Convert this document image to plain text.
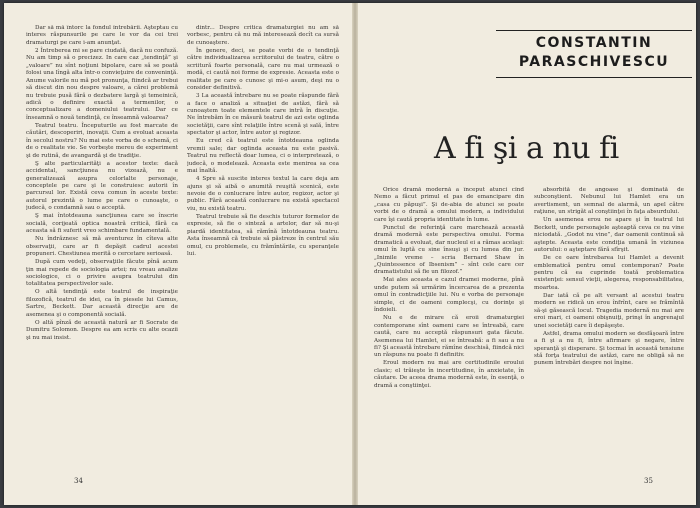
Dar să mă întorc la fondul întrebării. Aşteptau cu interes răspunsurile pe care le vor da cei trei dramaturgi pe care i-am anunţat.

2 Întreberea mi se pare ciudată, dacă nu confuză. Nu am timp să o precizez. In care caz „tendinţă” şi „valoare” nu sînt noţiuni bipolare, care să se poată folosi una lîngă alta într-o convieţuire de conveninţă. Anume valorile nu mă pot pronunţa, fiindcă ar trebui să discut din nou despre valoare, a cărei problemă nu trebuie pusă fără o dezbatere largă şi temeinică, adică o definire exactă a termenilor, o conceptualizare a domeniului teatrului. Dar ce înseamnă o nouă tendinţă, ce înseamnă valoarea?

Teatrul teatru. Începuturile au fost marcate de căutări, descoperiri, inovaţii. Cum a evoluat aceasta în secolul nostru? Nu mai este vorba de o schemă, ci de o realitate vie. Se vorbeşte mereu de experiment şi de rutină, de avangardă şi de tradiţie.

Ş alte particularităţi a acestor texte: dacă accidental, sancţiunea nu vizează, nu e generalizează asupra celorlalte personaje, conceptele pe care şi le construiesc autorii în parcursul lor. Există ceva comun în aceste texte: autorul prezintă o lume pe care o cunoaşte, o judecă, o condamnă sau o acceptă.

Ş mai întotdeauna sancţiunea care se înscrie socială, corijeată optica noastră critică, fără ca aceasta să fi suferit vreo schimbare fundamentală.

Nu îndrăznesc să mă aventurez în cîteva alte observaţii, care ar fi depăşit cadrul acestei propuneri. Chestiunea merită o cercetare serioasă.

După cum vedeţi, observaţiile făcute pînă acum ţin mai repede de sociologia artei; nu vreau analize sociologice, ci o privire asupra teatrului din totalitatea perspectivelor sale.

O altă tendinţă este teatrul de inspiraţie filozofică, teatrul de idei, ca în piesele lui Camus, Sartre, Beckett. Dar această direcţie are de asemenea şi o componentă socială.

O altă pînză de această natură ar fi Socrate de Dumitru Solomon. Despre ea am scris cu alte ocazii şi nu mai insist.

dintr... Despre critica dramaturgiei nu am să vorbesc, pentru că nu mă interesează decît ca sursă de cunoaştere.

În genere, deci, se poate vorbi de o tendinţă către individualizarea scriitorului de teatru, către o scriitură foarte personală, care nu mai urmează o modă, ci caută noi forme de expresie. Aceasta este o realitate pe care o cunosc şi mi-o asum, deşi nu o consider definitivă.

3 La această întrebare nu se poate răspunde fără a face o analiză a situaţiei de astăzi, fără să cunoaştem toate elementele care intră în discuţie. Ne întrebăm în ce măsură teatrul de azi este oglinda societăţii, care sînt relaţiile între scenă şi sală, între spectator şi actor, între autor şi regizor.

Eu cred că teatrul este întotdeauna oglinda vremii sale; dar oglinda aceasta nu este pasivă. Teatrul nu reflectă doar lumea, ci o interpretează, o judecă, o modelează. Aceasta este menirea sa cea mai înaltă.

4 Spre să suscite interes textul la care deja am ajuns şi să aibă o anumită reuşită scenică, este nevoie de o conlucrare între autor, regizor, actor şi public. Fără această conlucrare nu există spectacol viu, nu există teatru.

Teatrul trebuie să fie deschis tuturor formelor de expresie, să fie o sinteză a artelor, dar să nu-şi piardă identitatea, să rămînă întotdeauna teatru. Asta înseamnă că trebuie să păstreze în centrul său omul, cu problemele, cu frămîntările, cu speranţele lui.

34
CONSTANTIN
PARASCHIVESCU
A fi şi a nu fi

Orice dramă modernă a început atunci cînd Nemo a făcut primul el pas de emancipare din „casa cu păpuşi”. Şi de-abia de atunci se poate vorbi de o dramă a omului modern, a individului care îşi caută propria identitate în lume.

Punctul de referinţă care marchează această dramă modernă este perspectiva omului. Forma dramatică a evoluat, dar nucleul ei a rămas acelaşi: omul în luptă cu sine însuşi şi cu lumea din jur. „Inimile vreme – scria Bernard Shaw în „Quintessence of Ibsenism” – sînt cele care cer dramatistului să fie un filozof.”

Mai ales aceasta e cazul dramei moderne, pînă unde putem să urmărim încercarea de a prezenta omul în contradicţiile lui. Nu e vorba de personaje simple, ci de oameni complecşi, cu dorinţe şi îndoieli.

Nu e de mirare că eroii dramaturgiei contemporane sînt oameni care se întreabă, care caută, care nu acceptă răspunsuri gata făcute. Asemenea lui Hamlet, ei se întreabă: a fi sau a nu fi? Şi această întrebare rămîne deschisă, fiindcă nici un răspuns nu poate fi definitiv.

Eroul modern nu mai are certitudinile eroului clasic; el trăieşte în incertitudine, în anxietate, în căutare. De aceea drama modernă este, în esenţă, o dramă a conştiinţei.

absorbită de angoase şi dominată de subconştient. Nebunul lui Hamlet era un avertisment, un semnal de alarmă, un apel către raţiune, un strigăt al conştiinţei în faţa absurdului.

Un asemenea erou ne apare şi în teatrul lui Beckett, unde personajele aşteaptă ceva ce nu vine niciodată. „Godot nu vine”, dar oamenii continuă să aştepte. Aceasta este condiţia umană în viziunea autorului: o aşteptare fără sfîrşit.

De ce oare întrebarea lui Hamlet a devenit emblematică pentru omul contemporan? Poate pentru că ea cuprinde toată problematica existenţei: sensul vieţii, alegerea, responsabilitatea, moartea.

Dar iată că pe alt versant al acestui teatru modern se ridică un erou înfrînt, care se frămîntă să-şi găsească locul. Tragedia modernă nu mai are eroi mari, ci oameni obişnuiţi, prinşi în angrenajul unei societăţi care îi depăşeşte.

Astfel, drama omului modern se desfăşoară între a fi şi a nu fi, între afirmare şi negare, între speranţă şi disperare. Şi tocmai în această tensiune stă forţa teatrului de astăzi, care ne obligă să ne punem întrebări despre noi înşine.

35
